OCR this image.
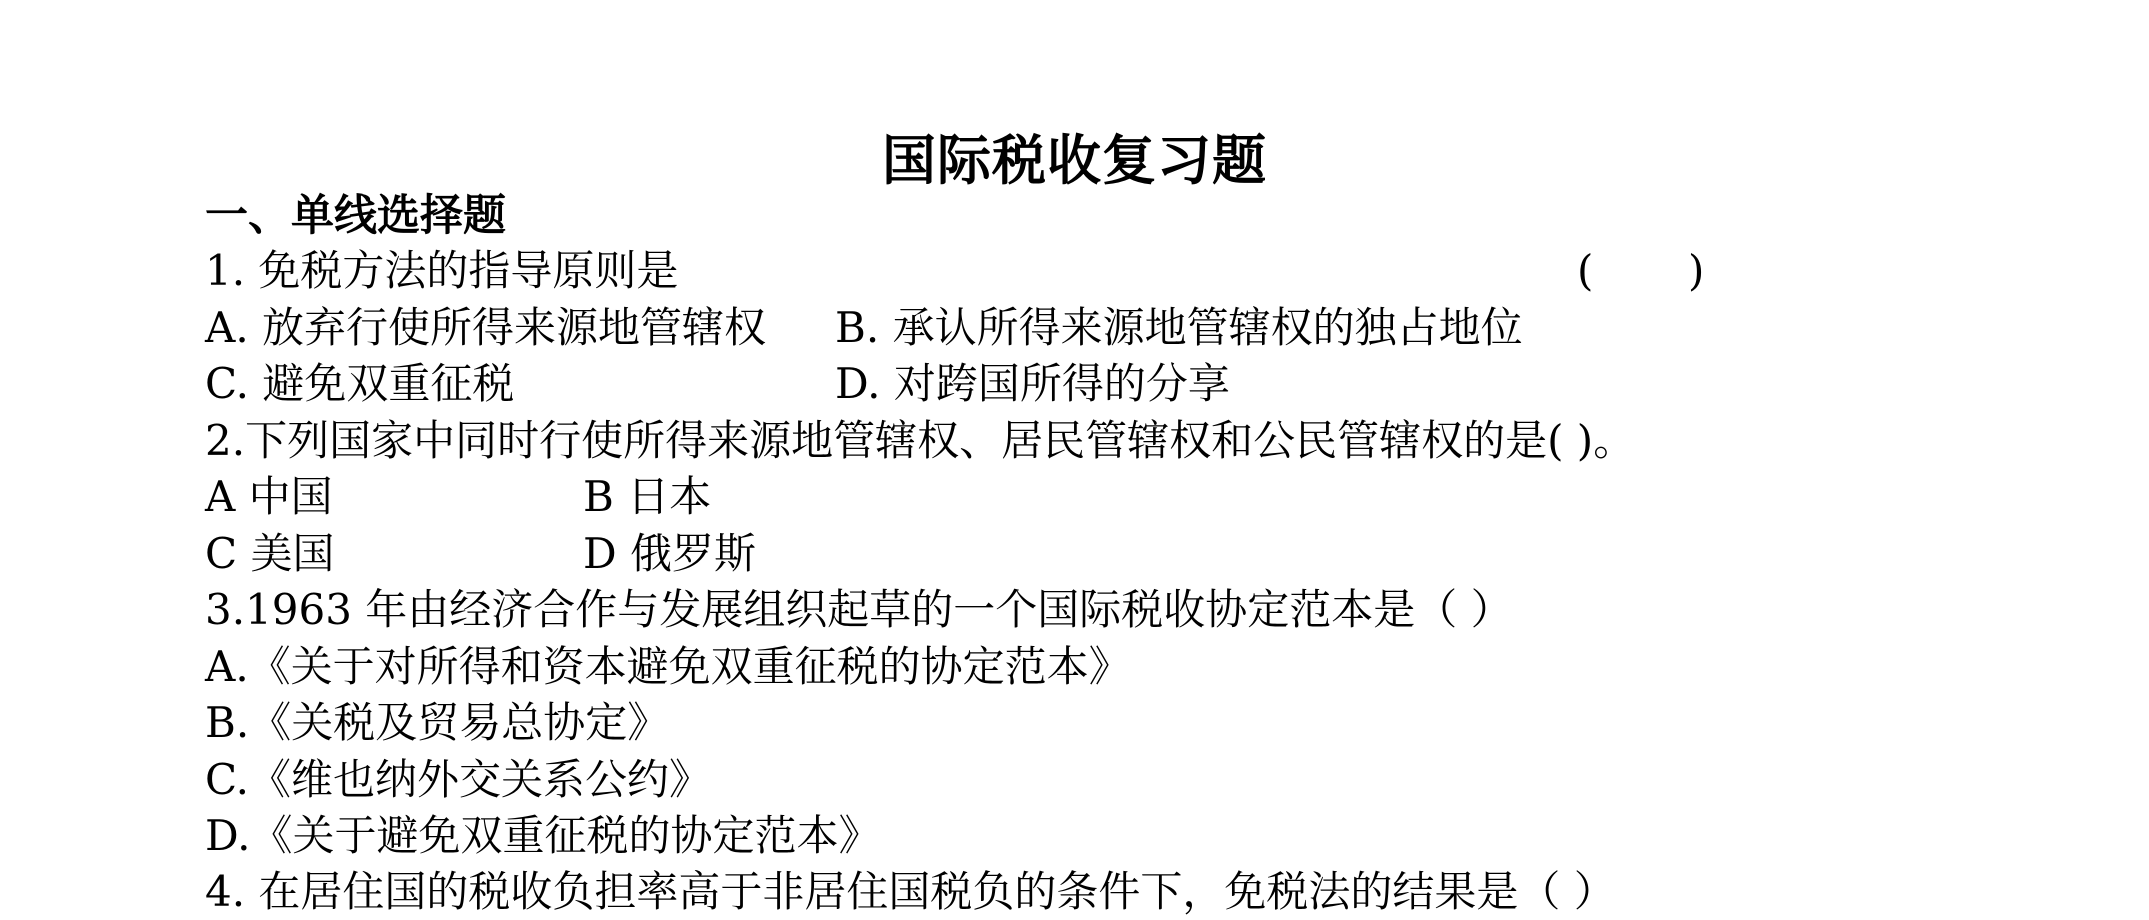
国际税收复习题
一、单线选择题
1. 免税方法的指导原则是	( )
A. 放弃行使所得来源地管辖权 B. 承认所得来源地管辖权的独占地位
C. 避免双重征税	D. 对跨国所得的分享
2.下列国家中同时行使所得来源地管辖权、居民管辖权和公民管辖权的是( )。
A 中国	B 日本
C 美国	D 俄罗斯
3.1963 年由经济合作与发展组织起草的一个国际税收协定范本是（ ）
A.《关于对所得和资本避免双重征税的协定范本》
B.《关税及贸易总协定》
C.《维也纳外交关系公约》
D.《关于避免双重征税的协定范本》
4. 在居住国的税收负担率高于非居住国税负的条件下，免税法的结果是（ ）
